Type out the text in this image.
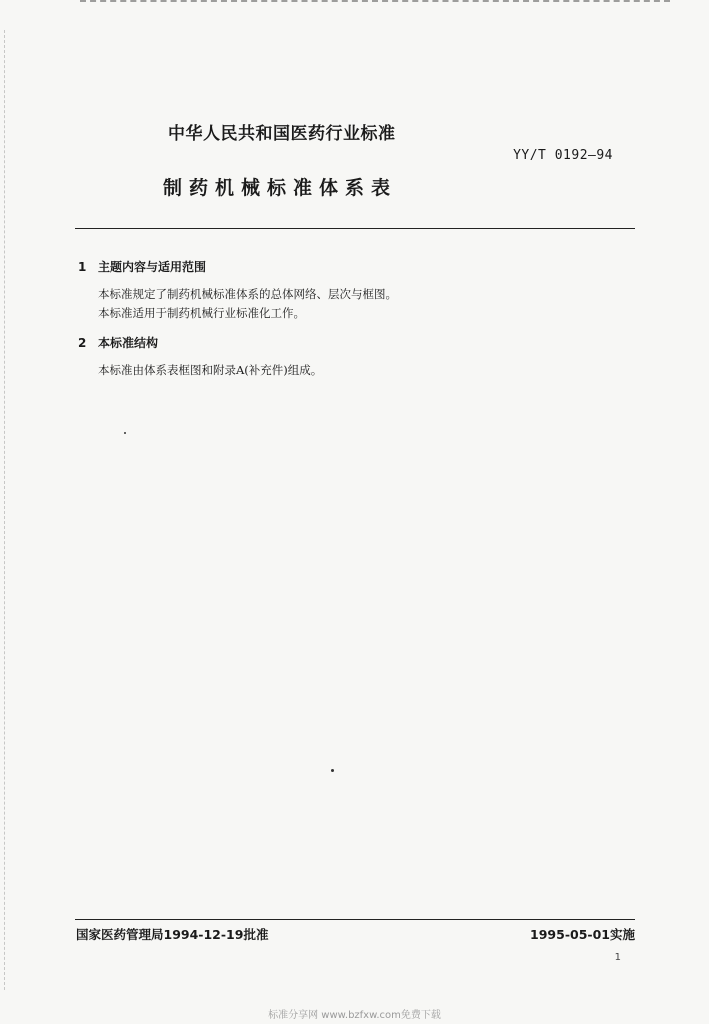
中华人民共和国医药行业标准
YY/T 0192—94
制药机械标准体系表
1 主题内容与适用范围
本标准规定了制药机械标准体系的总体网络、层次与框图。
本标准适用于制药机械行业标准化工作。
2 本标准结构
本标准由体系表框图和附录A(补充件)组成。
国家医药管理局1994-12-19批准	1995-05-01实施
1
标准分享网 www.bzfxw.com免费下载
